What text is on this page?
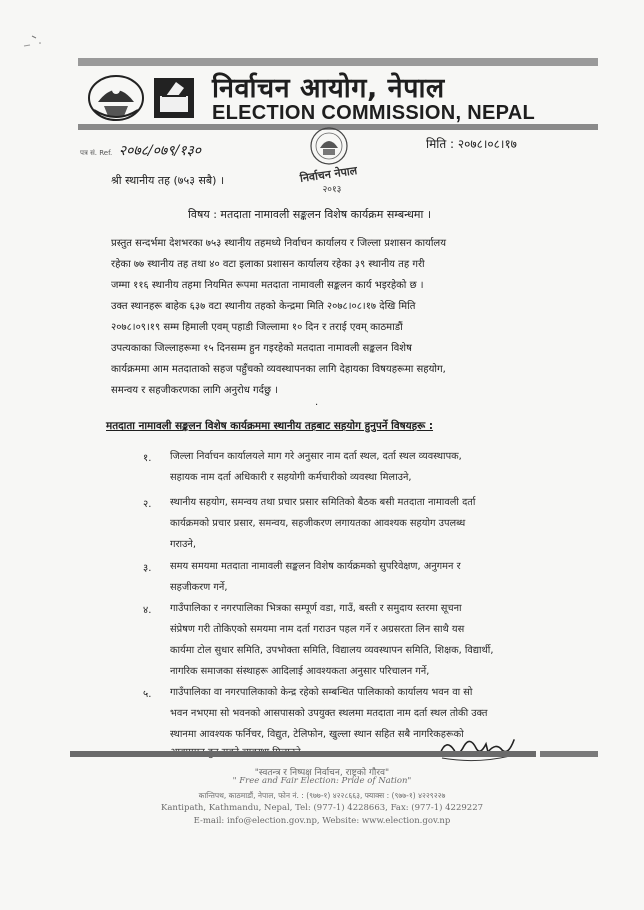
निर्वाचन आयोग, नेपाल
ELECTION COMMISSION, NEPAL
पत्र सं. Ref. २०७८/०७९/१३०	मिति : २०७८।०८।१७
निर्वाचन नेपाल
२०१३
श्री स्थानीय तह (७५३ सबै) ।
विषय : मतदाता नामावली सङ्कलन विशेष कार्यक्रम सम्बन्धमा ।
प्रस्तुत सन्दर्भमा देशभरका ७५३ स्थानीय तहमध्ये निर्वाचन कार्यालय र जिल्ला प्रशासन कार्यालय
रहेका ७७ स्थानीय तह तथा ४० वटा इलाका प्रशासन कार्यालय रहेका ३९ स्थानीय तह गरी
जम्मा ११६ स्थानीय तहमा नियमित रूपमा मतदाता नामावली सङ्कलन कार्य भइरहेको छ ।
उक्त स्थानहरू बाहेक ६३७ वटा स्थानीय तहको केन्द्रमा मिति २०७८।०८।१७ देखि मिति
२०७८।०९।१९ सम्म हिमाली एवम् पहाडी जिल्लामा १० दिन र तराई एवम् काठमाडौं
उपत्यकाका जिल्लाहरूमा १५ दिनसम्म हुन गइरहेको मतदाता नामावली सङ्कलन विशेष
कार्यक्रममा आम मतदाताको सहज पहुँचको व्यवस्थापनका लागि देहायका विषयहरूमा सहयोग,
समन्वय र सहजीकरणका लागि अनुरोध गर्दछु ।
·
मतदाता नामावली सङ्कलन विशेष कार्यक्रममा स्थानीय तहबाट सहयोग हुनुपर्ने विषयहरू :
१. जिल्ला निर्वाचन कार्यालयले माग गरे अनुसार नाम दर्ता स्थल, दर्ता स्थल व्यवस्थापक,
सहायक नाम दर्ता अधिकारी र सहयोगी कर्मचारीको व्यवस्था मिलाउने,
२. स्थानीय सहयोग, समन्वय तथा प्रचार प्रसार समितिको बैठक बसी मतदाता नामावली दर्ता
कार्यक्रमको प्रचार प्रसार, समन्वय, सहजीकरण लगायतका आवश्यक सहयोग उपलब्ध
गराउने,
३. समय समयमा मतदाता नामावली सङ्कलन विशेष कार्यक्रमको सुपरिवेक्षण, अनुगमन र
सहजीकरण गर्ने,
४. गाउँपालिका र नगरपालिका भित्रका सम्पूर्ण वडा, गाउँ, बस्ती र समुदाय स्तरमा सूचना
संप्रेषण गरी तोकिएको समयमा नाम दर्ता गराउन पहल गर्ने र अग्रसरता लिन साथै यस
कार्यमा टोल सुधार समिति, उपभोक्ता समिति, विद्यालय व्यवस्थापन समिति, शिक्षक, विद्यार्थी,
नागरिक समाजका संस्थाहरू आदिलाई आवश्यकता अनुसार परिचालन गर्ने,
५. गाउँपालिका वा नगरपालिकाको केन्द्र रहेको सम्बन्धित पालिकाको कार्यालय भवन वा सो
भवन नभएमा सो भवनको आसपासको उपयुक्त स्थलमा मतदाता नाम दर्ता स्थल तोकी उक्त
स्थानमा आवश्यक फर्निचर, विद्युत, टेलिफोन, खुल्ला स्थान सहित सबै नागरिकहरूको
"स्वतन्त्र र निष्पक्ष निर्वाचन, राष्ट्रको गौरव"
" Free and Fair Election: Pride of Nation"
कान्तिपथ, काठमाडौं, नेपाल, फोन नं. : (९७७-१) ४२२८६६३, फ्याक्स : (९७७-१) ४२२९२२७
Kantipath, Kathmandu, Nepal, Tel: (977-1) 4228663, Fax: (977-1) 4229227
E-mail: info@election.gov.np, Website: www.election.gov.np
